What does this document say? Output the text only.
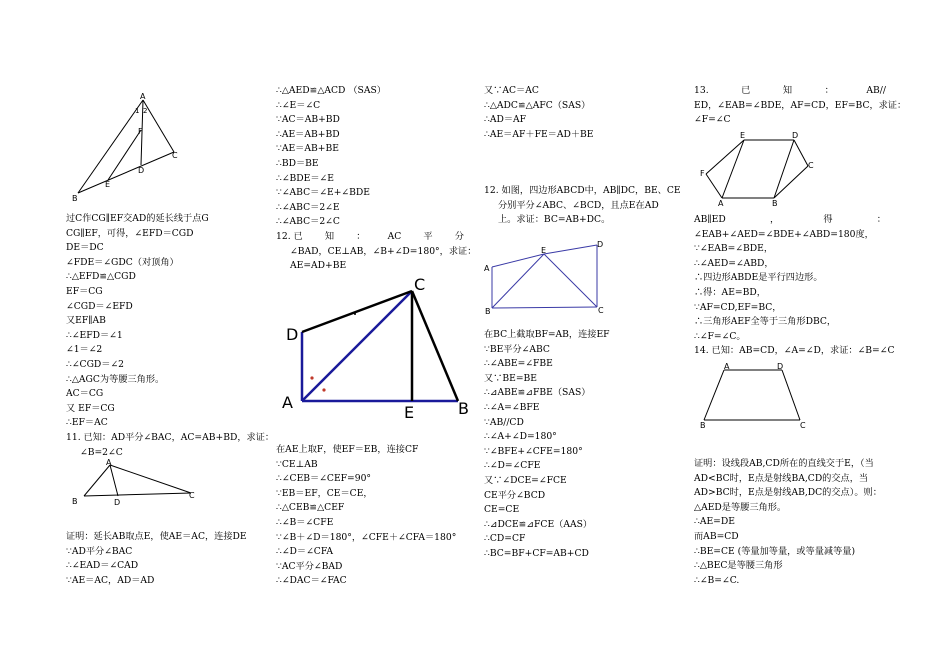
A
1 2
F
C
D
E
B
过C作CG∥EF交AD的延长线于点G
CG∥EF，可得，∠EFD＝CGD
DE＝DC
∠FDE＝∠GDC（对顶角）
∴△EFD≌△CGD
EF＝CG
∠CGD＝∠EFD
又EF∥AB
∴∠EFD＝∠1
∠1＝∠2
∴∠CGD＝∠2
∴△AGC为等腰三角形。
AC＝CG
又 EF＝CG
∴EF＝AC
11. 已知：AD平分∠BAC，AC=AB+BD，求证：
∠B=2∠C
A
B	D
C
证明：延长AB取点E，使AE＝AC，连接DE
∵AD平分∠BAC
∴∠EAD＝∠CAD
∵AE＝AC，AD＝AD
∴△AED≌△ACD （SAS）
∴∠E＝∠C
∵AC＝AB+BD
∴AE＝AB+BD
∵AE＝AB+BE
∴BD＝BE
∴∠BDE＝∠E
∵∠ABC＝∠E+∠BDE
∴∠ABC＝2∠E
∴∠ABC＝2∠C
12. 已 知 ： AC 平 分
∠BAD，CE⊥AB，∠B+∠D=180°，求证：
AE=AD+BE
C
D
A
E	B
在AE上取F，使EF＝EB，连接CF
∵CE⊥AB
∴∠CEB＝∠CEF=90°
∵EB＝EF，CE＝CE，
∴△CEB≌△CEF
∴∠B＝∠CFE
∵∠B＋∠D＝180°，∠CFE＋∠CFA＝180°
∴∠D＝∠CFA
∵AC平分∠BAD
∴∠DAC＝∠FAC
又∵AC＝AC
∴△ADC≌△AFC（SAS）
∴AD＝AF
∴AE＝AF＋FE＝AD＋BE
12. 如图，四边形ABCD中，AB∥DC，BE、CE
分别平分∠ABC、∠BCD，且点E在AD
上。求证：BC=AB+DC。
A
E
D
B	C
在BC上截取BF=AB，连接EF
∵BE平分∠ABC
∴∠ABE=∠FBE
又∵BE=BE
∴⊿ABE≌⊿FBE（SAS）
∴∠A=∠BFE
∵AB//CD
∴∠A+∠D=180°
∵∠BFE+∠CFE=180°
∴∠D=∠CFE
又∵∠DCE=∠FCE
CE平分∠BCD
CE=CE
∴⊿DCE≌⊿FCE（AAS）
∴CD=CF
∴BC=BF+CF=AB+CD
13.	已	知	：	AB//
ED，∠EAB=∠BDE，AF=CD，EF=BC，求证：
∠F=∠C
E	D
C
F
A	B
AB∥ED	，	得	：
∠EAB+∠AED=∠BDE+∠ABD=180度，
∵∠EAB=∠BDE，
∴∠AED=∠ABD，
∴四边形ABDE是平行四边形。
∴得：AE=BD，
∵AF=CD,EF=BC，
∴三角形AEF全等于三角形DBC，
∴∠F=∠C。
14. 已知：AB=CD，∠A=∠D，求证：∠B=∠C
A	D
B	C
证明：设线段AB,CD所在的直线交于E，（当
AD<BC时，E点是射线BA,CD的交点，当
AD>BC时，E点是射线AB,DC的交点）。则：
△AED是等腰三角形。
∴AE=DE
而AB=CD
∴BE=CE (等量加等量，或等量减等量)
∴△BEC是等腰三角形
∴∠B=∠C.
